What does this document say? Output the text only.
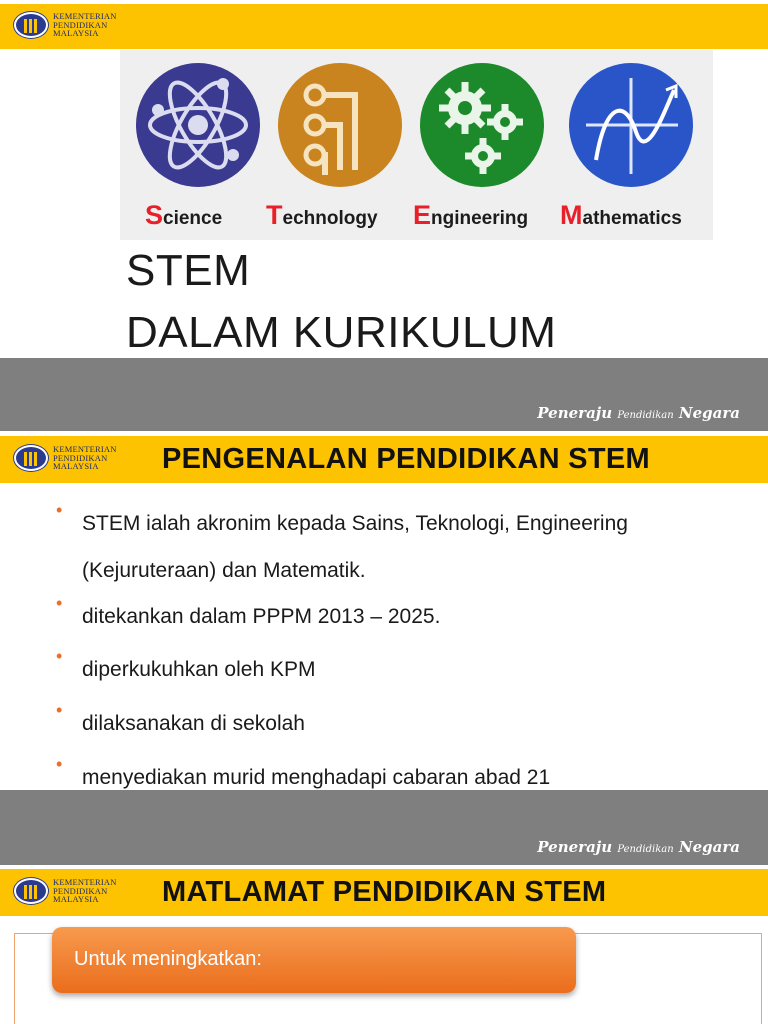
KEMENTERIAN
PENDIDIKAN
MALAYSIA
Science Technology Engineering Mathematics
STEM
DALAM KURIKULUM
Peneraju Pendidikan Negara
KEMENTERIAN
PENDIDIKAN
MALAYSIA	PENGENALAN PENDIDIKAN STEM
•
STEM ialah akronim kepada Sains, Teknologi, Engineering (Kejuruteraan) dan Matematik.
•
ditekankan dalam PPPM 2013 – 2025.
•
diperkukuhkan oleh KPM
•
dilaksanakan di sekolah
•
menyediakan murid menghadapi cabaran abad 21
Peneraju Pendidikan Negara
KEMENTERIAN
PENDIDIKAN
MALAYSIA	MATLAMAT PENDIDIKAN STEM
Untuk meningkatkan:
